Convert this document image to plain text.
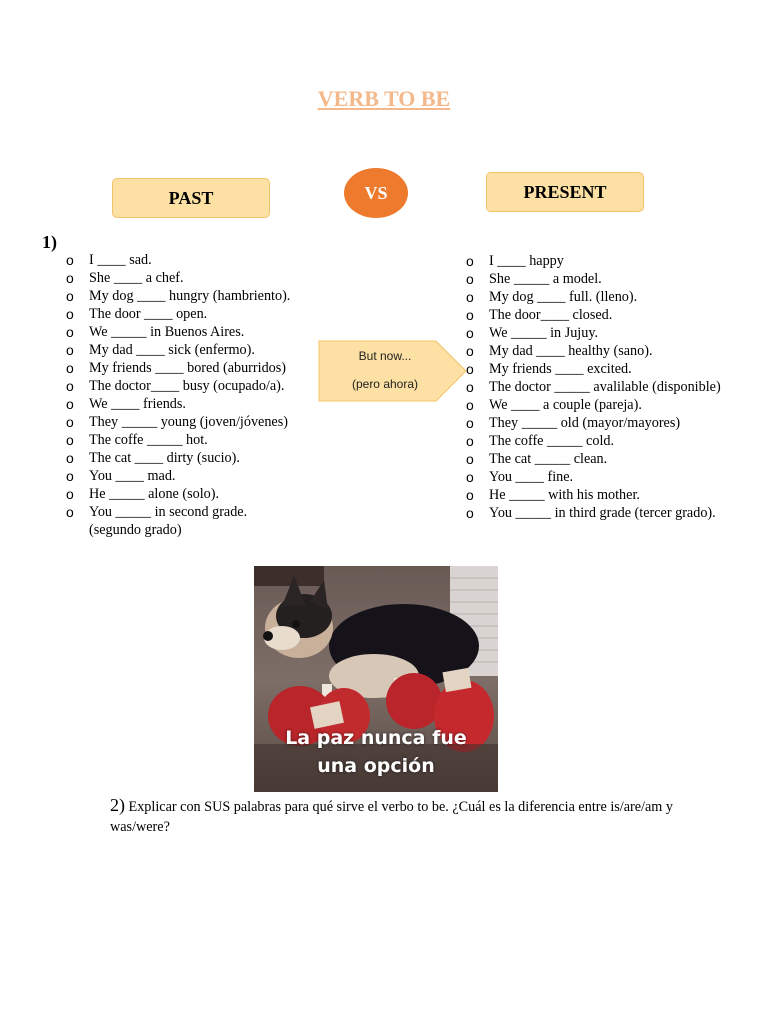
VERB TO BE
PAST	VS	PRESENT
1)
o I ____ sad.
o She ____ a chef.
o My dog ____ hungry (hambriento).
o The door ____ open.
o We _____ in Buenos Aires.
o My dad ____ sick (enfermo).
o My friends ____ bored (aburridos)
o The doctor____ busy (ocupado/a).
o We ____ friends.
o They _____ young (joven/jóvenes)
o The coffe _____ hot.
o The cat ____ dirty (sucio).
o You ____ mad.
o He _____ alone (solo).
o You _____ in second grade.
(segundo grado)
But now...
(pero ahora)
o I ____ happy
o She _____ a model.
o My dog ____ full. (lleno).
o The door____ closed.
o We _____ in Jujuy.
o My dad ____ healthy (sano).
o My friends ____ excited.
o The doctor _____ avalilable (disponible)
o We ____ a couple (pareja).
o They _____ old (mayor/mayores)
o The coffe _____ cold.
o The cat _____ clean.
o You ____ fine.
o He _____ with his mother.
o You _____ in third grade (tercer grado).
La paz nunca fue
una opción
2) Explicar con SUS palabras para qué sirve el verbo to be. ¿Cuál es la diferencia entre is/are/am y was/were?
